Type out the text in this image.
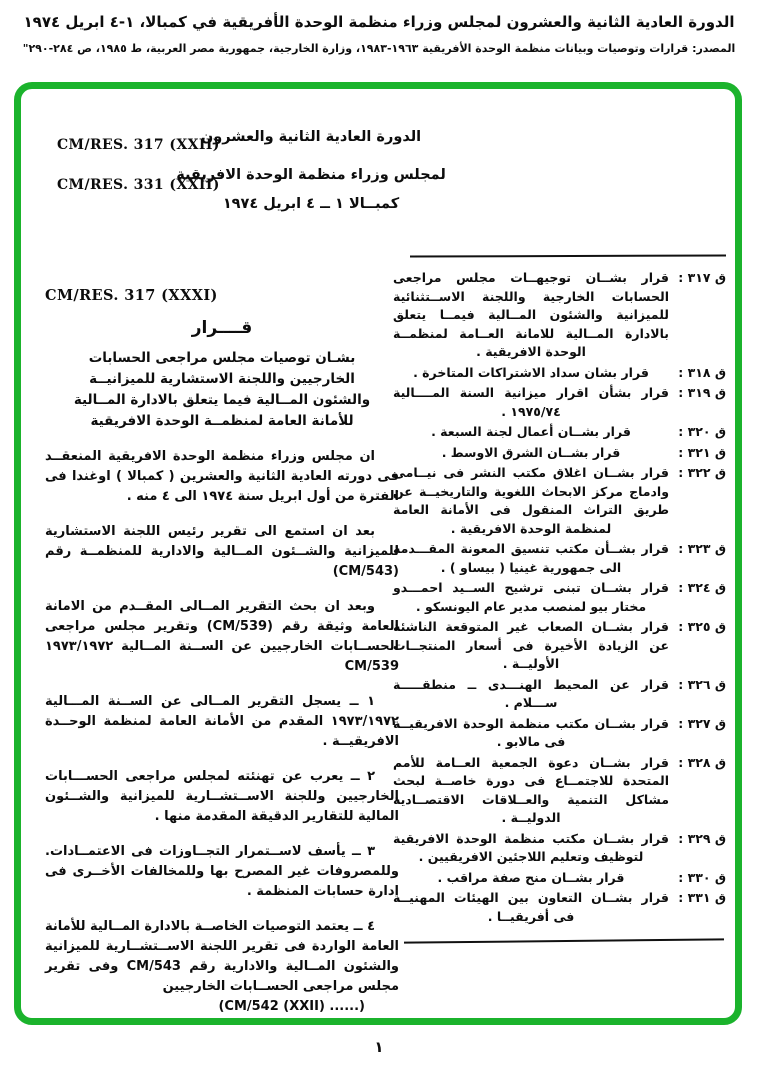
الدورة العادية الثانية والعشرون لمجلس وزراء منظمة الوحدة الأفريقية في كمبالا، ١-٤ ابريل ١٩٧٤
المصدر: قرارات وتوصيات وبيانات منظمة الوحدة الأفريقية ١٩٦٣-١٩٨٣، وزارة الخارجية، جمهورية مصر العربية، ط ١٩٨٥، ص ٢٨٤-٢٩٠"
CM/RES. 317 (XXII)
CM/RES. 331 (XXII)
الدورة العادية الثانية والعشرون
لمجلس وزراء منظمة الوحدة الافريقية
كمبــالا ١ ــ ٤ ابريل ١٩٧٤
CM/RES. 317 (XXXI)
قــــرار
بشـان توصيات مجلس مراجعى الحسابات
الخارجيين واللجنة الاستشارية للميزانيــة
والشئون المــالية فيما يتعلق بالادارة المــالية
للأمانة العامة لمنظمــة الوحدة الافريقية
ان مجلس وزراء منظمة الوحدة الافريقية المنعقــد فى دورته العادية الثانية والعشرين ( كمبالا ) اوغندا فى الفترة من أول ابريل سنة ١٩٧٤ الى ٤ منه .
بعد ان استمع الى تقرير رئيس اللجنة الاستشارية للميزانية والشــئون المــالية والادارية للمنظمــة رقم (CM/543)
وبعد ان بحث التقرير المــالى المقــدم من الامانة العامة وثيقة رقم (CM/539) وتقرير مجلس مراجعى الحســابات الخارجيين عن الســنة المــالية ١٩٧٣/١٩٧٢ CM/539
١ ــ يسجل التقرير المــالى عن الســنة المـــالية ١٩٧٣/١٩٧٢ المقدم من الأمانة العامة لمنظمة الوحــدة الافريقيــة .
٢ ــ يعرب عن تهنئته لمجلس مراجعى الحســـابات الخارجيين وللجنة الاســتشــارية للميزانية والشــئون المالية للتقارير الدقيقة المقدمة منها .
٣ ــ يأسف لاســتمرار التجــاوزات فى الاعتمــادات. وللمصروفات غير المصرح بها وللمخالفات الأخــرى فى ادارة حسابات المنظمة .
٤ ــ يعتمد التوصيات الخاصــة بالادارة المــالية للأمانة العامة الواردة فى تقرير اللجنة الاســتشــارية للميزانية والشئون المــالية والادارية رقم CM/543 وفى تقرير مجلس مراجعى الحســابات الخارجيين
(CM/542 (XXII) ......)
ق ٣١٧ :
قرار بشــان توجيهــات مجلس مراجعى الحسابات الخارجية واللجنة الاســتثنائية للميزانية والشئون المــالية فيمــا يتعلق بالادارة المــالية للامانة العــامة لمنظمــة الوحدة الافريقية .
ق ٣١٨ :
قرار بشان سداد الاشتراكات المتاخرة .
ق ٣١٩ :
قرار بشأن اقرار ميزانية السنة المــــالية ١٩٧٥/٧٤ .
ق ٣٢٠ :
قرار بشــان أعمال لجنة السبعة .
ق ٣٢١ :
قرار بشــان الشرق الاوسط .
ق ٣٢٢ :
قرار بشــان اغلاق مكتب النشر فى نيــامى وادماج مركز الابحاث اللغوية والتاريخيــة عن طريق التراث المنقول فى الأمانة العامة لمنظمة الوحدة الافريقية .
ق ٣٢٣ :
قرار بشــأن مكتب تنسيق المعونة المقـــدمة الى جمهورية غينيا ( بيساو ) .
ق ٣٢٤ :
قرار بشــان تبنى ترشيح الســيد احمـــدو مختار بيو لمنصب مدير عام اليونسكو .
ق ٣٢٥ :
قرار بشــان الصعاب غير المتوقعة الناشئة عن الزيادة الأخيرة فى أسعار المنتجــات الأوليــة .
ق ٣٢٦ :
قرار عن المحيط الهنـــدى ــ منطقـــــة ســـلام .
ق ٣٢٧ :
قرار بشــان مكتب منظمة الوحدة الافريقيــة فى مالابو .
ق ٣٢٨ :
قرار بشــان دعوة الجمعية العــامة للأمم المتحدة للاجتمــاع فى دورة خاصــة لبحث مشاكل التنمية والعــلاقات الاقتصــادية الدوليــة .
ق ٣٢٩ :
قرار بشــان مكتب منظمة الوحدة الافريقية لتوظيف وتعليم اللاجئين الافريقيين .
ق ٣٣٠ :
قرار بشــان منح صفة مراقب .
ق ٣٣١ :
قرار بشــان التعاون بين الهيئات المهنيــة فى أفريقيــا .
١
